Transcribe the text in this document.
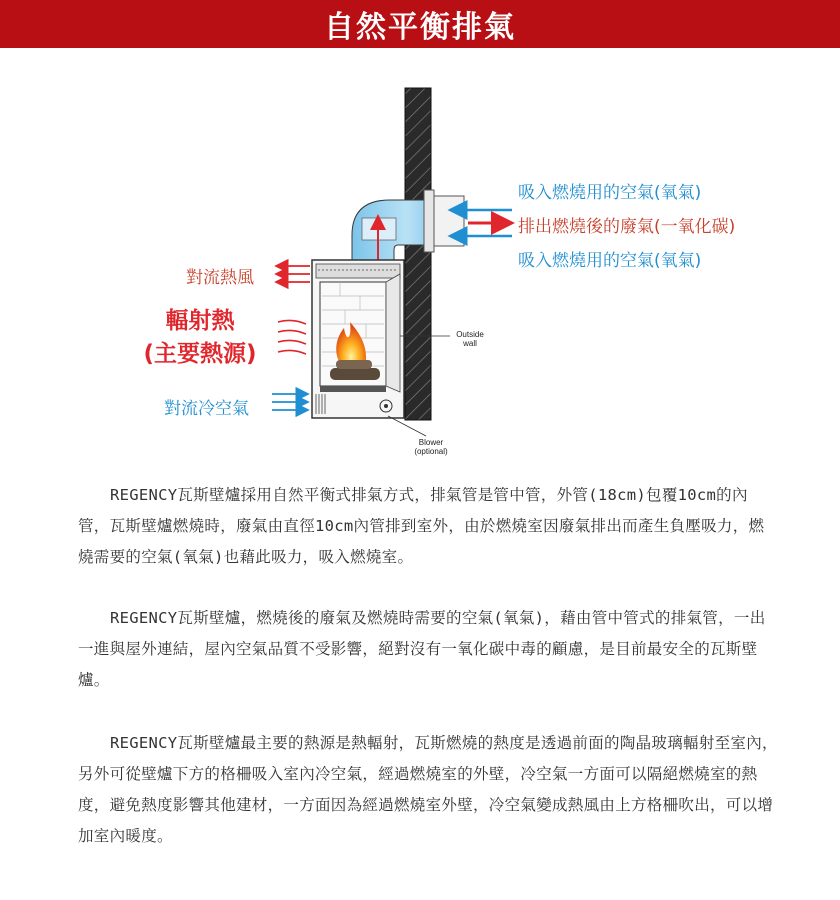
自然平衡排氣
吸入燃燒用的空氣(氧氣)
排出燃燒後的廢氣(一氧化碳)
吸入燃燒用的空氣(氧氣)
對流熱風
輻射熱
(主要熱源)
對流冷空氣
Outside
wall
Blower
(optional)

REGENCY瓦斯壁爐採用自然平衡式排氣方式，排氣管是管中管，外管(18cm)包覆10cm的內管，瓦斯壁爐燃燒時，廢氣由直徑10cm內管排到室外，由於燃燒室因廢氣排出而產生負壓吸力，燃燒需要的空氣(氧氣)也藉此吸力，吸入燃燒室。

REGENCY瓦斯壁爐，燃燒後的廢氣及燃燒時需要的空氣(氧氣)，藉由管中管式的排氣管，一出一進與屋外連結，屋內空氣品質不受影響，絕對沒有一氧化碳中毒的顧慮，是目前最安全的瓦斯壁爐。

REGENCY瓦斯壁爐最主要的熱源是熱輻射，瓦斯燃燒的熱度是透過前面的陶晶玻璃輻射至室內，另外可從壁爐下方的格柵吸入室內冷空氣，經過燃燒室的外壁，冷空氣一方面可以隔絕燃燒室的熱度，避免熱度影響其他建材，一方面因為經過燃燒室外壁，冷空氣變成熱風由上方格柵吹出，可以增加室內暖度。
